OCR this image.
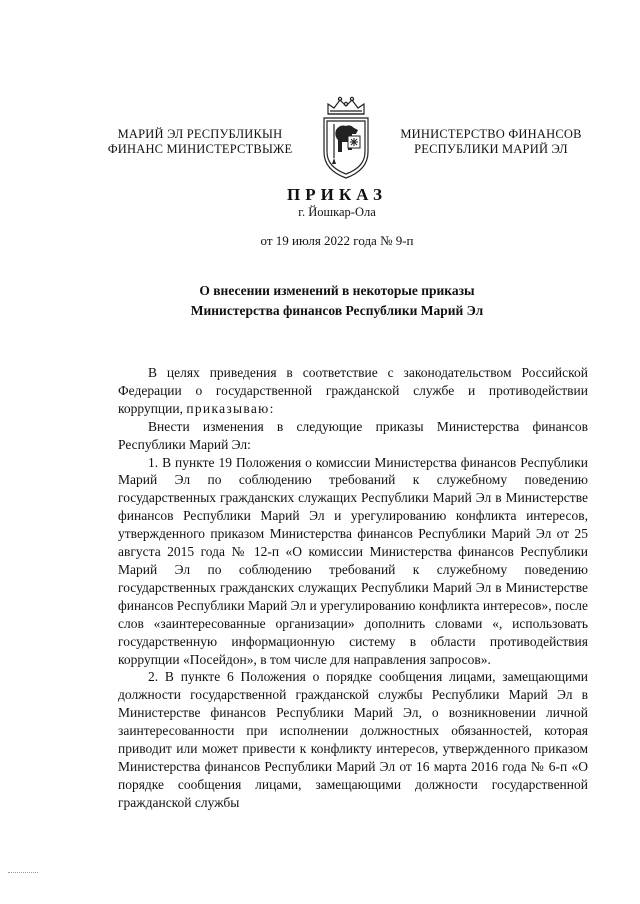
МАРИЙ ЭЛ РЕСПУБЛИКЫН
ФИНАНС МИНИСТЕРСТВЫЖЕ
МИНИСТЕРСТВО ФИНАНСОВ
РЕСПУБЛИКИ МАРИЙ ЭЛ
ПРИКАЗ
г. Йошкар-Ола
от 19 июля 2022 года № 9-п
О внесении изменений в некоторые приказы
Министерства финансов Республики Марий Эл

В целях приведения в соответствие с законодательством Российской Федерации о государственной гражданской службе и противодействии коррупции, приказываю:

Внести изменения в следующие приказы Министерства финансов Республики Марий Эл:

1. В пункте 19 Положения о комиссии Министерства финансов Республики Марий Эл по соблюдению требований к служебному поведению государственных гражданских служащих Республики Марий Эл в Министерстве финансов Республики Марий Эл и урегулированию конфликта интересов, утвержденного приказом Министерства финансов Республики Марий Эл от 25 августа 2015 года № 12-п «О комиссии Министерства финансов Республики Марий Эл по соблюдению требований к служебному поведению государственных гражданских служащих Республики Марий Эл в Министерстве финансов Республики Марий Эл и урегулированию конфликта интересов», после слов «заинтересованные организации» дополнить словами «, использовать государственную информационную систему в области противодействия коррупции «Посейдон», в том числе для направления запросов».

2. В пункте 6 Положения о порядке сообщения лицами, замещающими должности государственной гражданской службы Республики Марий Эл в Министерстве финансов Республики Марий Эл, о возникновении личной заинтересованности при исполнении должностных обязанностей, которая приводит или может привести к конфликту интересов, утвержденного приказом Министерства финансов Республики Марий Эл от 16 марта 2016 года № 6-п «О порядке сообщения лицами, замещающими должности государственной гражданской службы
